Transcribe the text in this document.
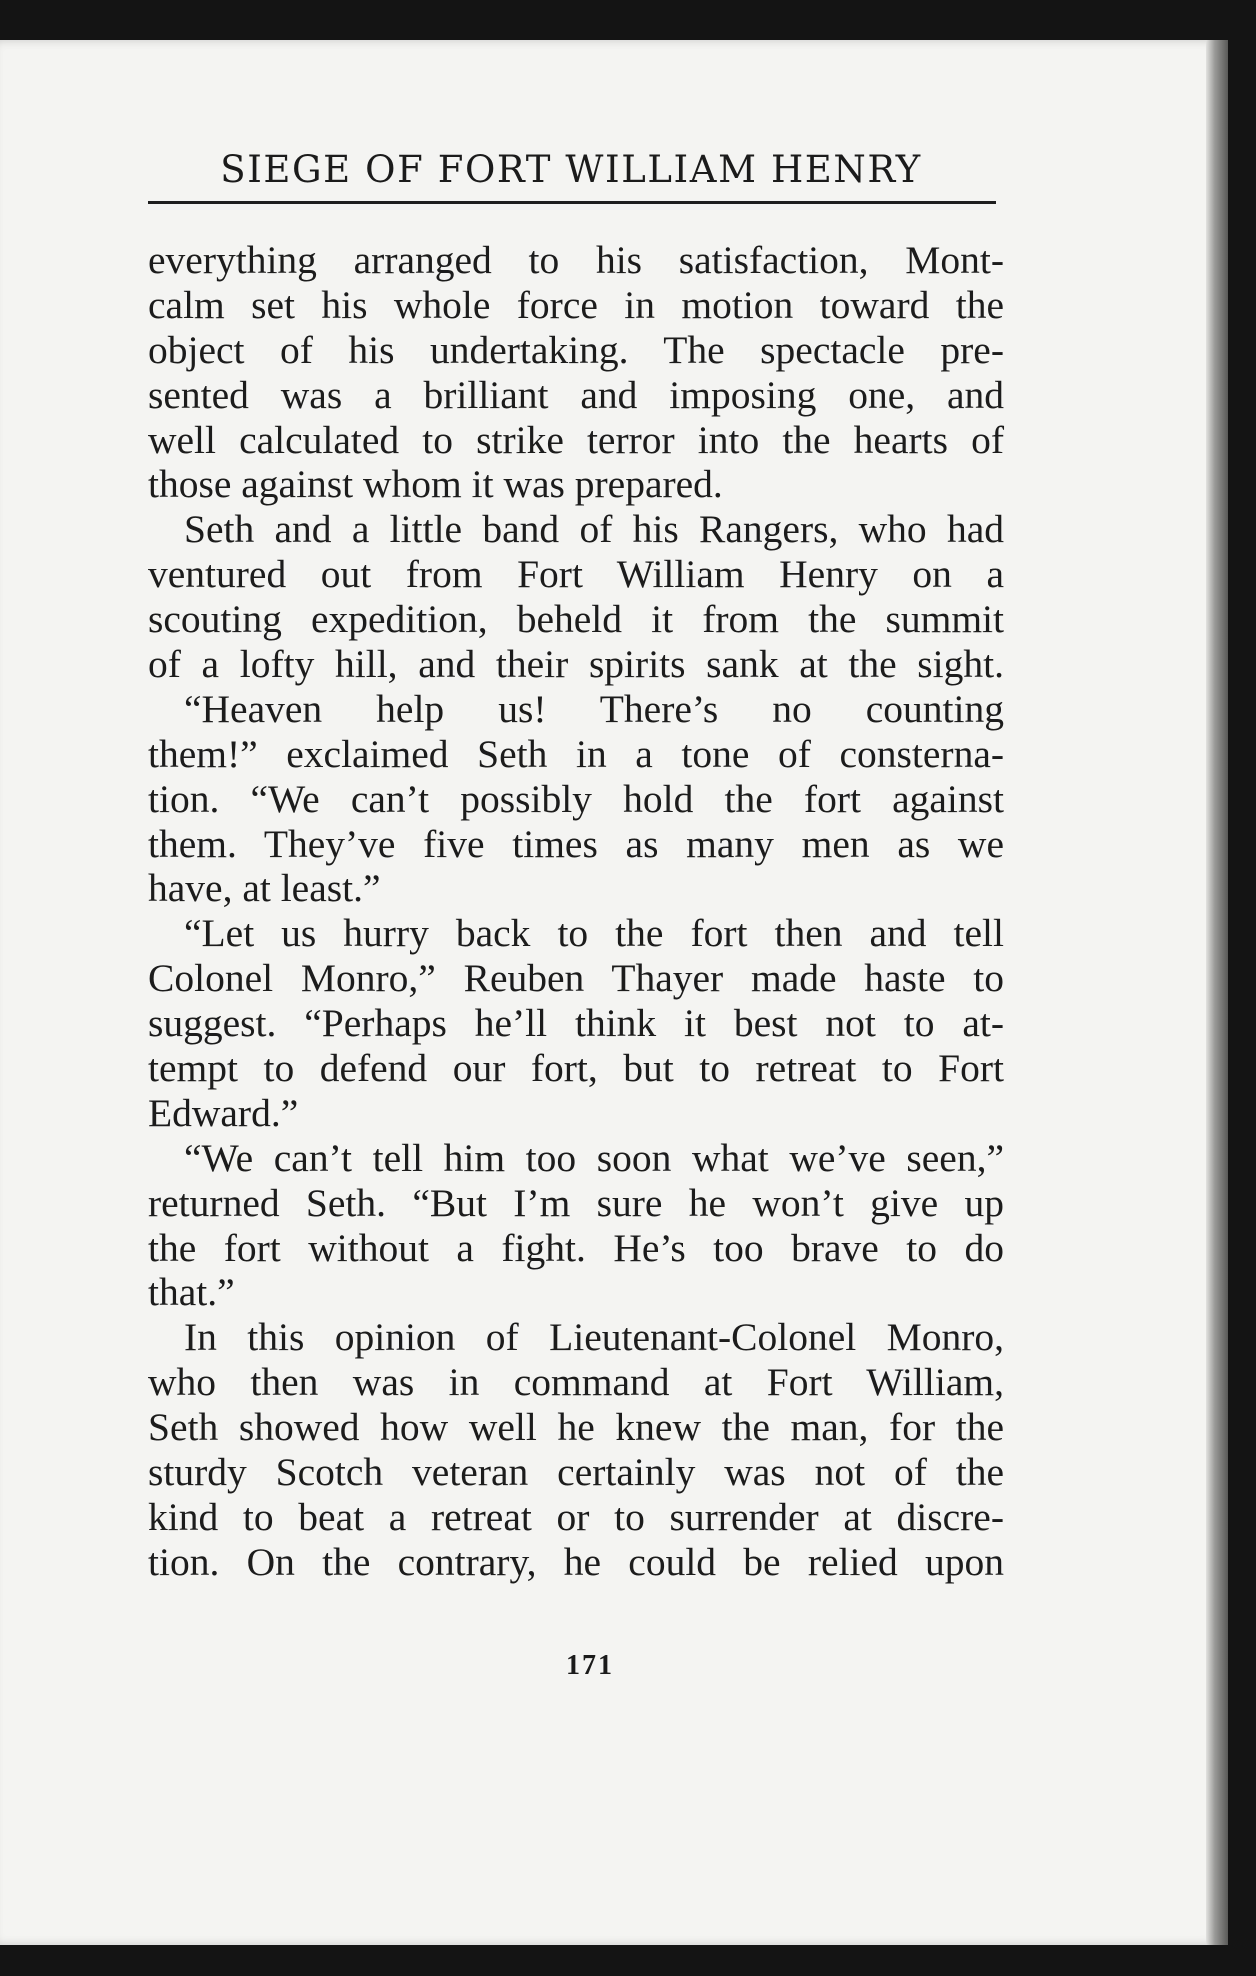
SIEGE OF FORT WILLIAM HENRY
everything arranged to his satisfaction, Mont-
calm set his whole force in motion toward the
object of his undertaking. The spectacle pre-
sented was a brilliant and imposing one, and
well calculated to strike terror into the hearts of
those against whom it was prepared.
Seth and a little band of his Rangers, who had
ventured out from Fort William Henry on a
scouting expedition, beheld it from the summit
of a lofty hill, and their spirits sank at the sight.
“Heaven help us! There’s no counting
them!” exclaimed Seth in a tone of consterna-
tion. “We can’t possibly hold the fort against
them. They’ve five times as many men as we
have, at least.”
“Let us hurry back to the fort then and tell
Colonel Monro,” Reuben Thayer made haste to
suggest. “Perhaps he’ll think it best not to at-
tempt to defend our fort, but to retreat to Fort
Edward.”
“We can’t tell him too soon what we’ve seen,”
returned Seth. “But I’m sure he won’t give up
the fort without a fight. He’s too brave to do
that.”
In this opinion of Lieutenant-Colonel Monro,
who then was in command at Fort William,
Seth showed how well he knew the man, for the
sturdy Scotch veteran certainly was not of the
kind to beat a retreat or to surrender at discre-
tion. On the contrary, he could be relied upon
171
